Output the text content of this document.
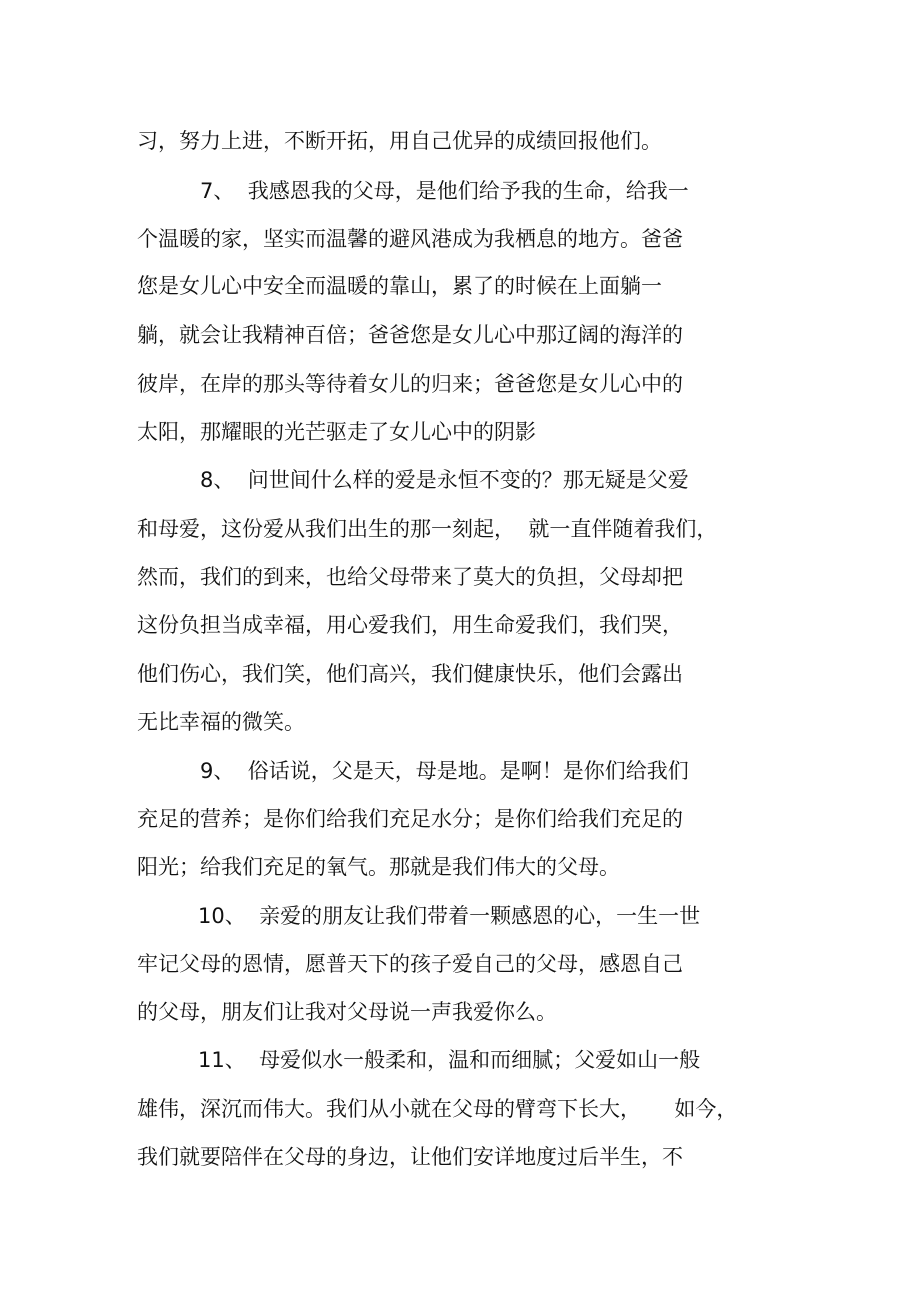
习，努力上进，不断开拓，用自己优异的成绩回报他们。
7、  我感恩我的父母，是他们给予我的生命，给我一
个温暖的家，坚实而温馨的避风港成为我栖息的地方。爸爸
您是女儿心中安全而温暖的靠山，累了的时候在上面躺一
躺，就会让我精神百倍；爸爸您是女儿心中那辽阔的海洋的
彼岸，在岸的那头等待着女儿的归来；爸爸您是女儿心中的
太阳，那耀眼的光芒驱走了女儿心中的阴影
8、  问世间什么样的爱是永恒不变的？那无疑是父爱
和母爱，这份爱从我们出生的那一刻起，  就一直伴随着我们，
然而，我们的到来，也给父母带来了莫大的负担，父母却把
这份负担当成幸福，用心爱我们，用生命爱我们，我们哭，
他们伤心，我们笑，他们高兴，我们健康快乐，他们会露出
无比幸福的微笑。
9、  俗话说，父是天，母是地。是啊！是你们给我们
充足的营养；是你们给我们充足水分；是你们给我们充足的
阳光；给我们充足的氧气。那就是我们伟大的父母。
10、  亲爱的朋友让我们带着一颗感恩的心，一生一世
牢记父母的恩情，愿普天下的孩子爱自己的父母，感恩自己
的父母，朋友们让我对父母说一声我爱你么。
11、  母爱似水一般柔和，温和而细腻；父爱如山一般
雄伟，深沉而伟大。我们从小就在父母的臂弯下长大，     如今，
我们就要陪伴在父母的身边，让他们安详地度过后半生，不
